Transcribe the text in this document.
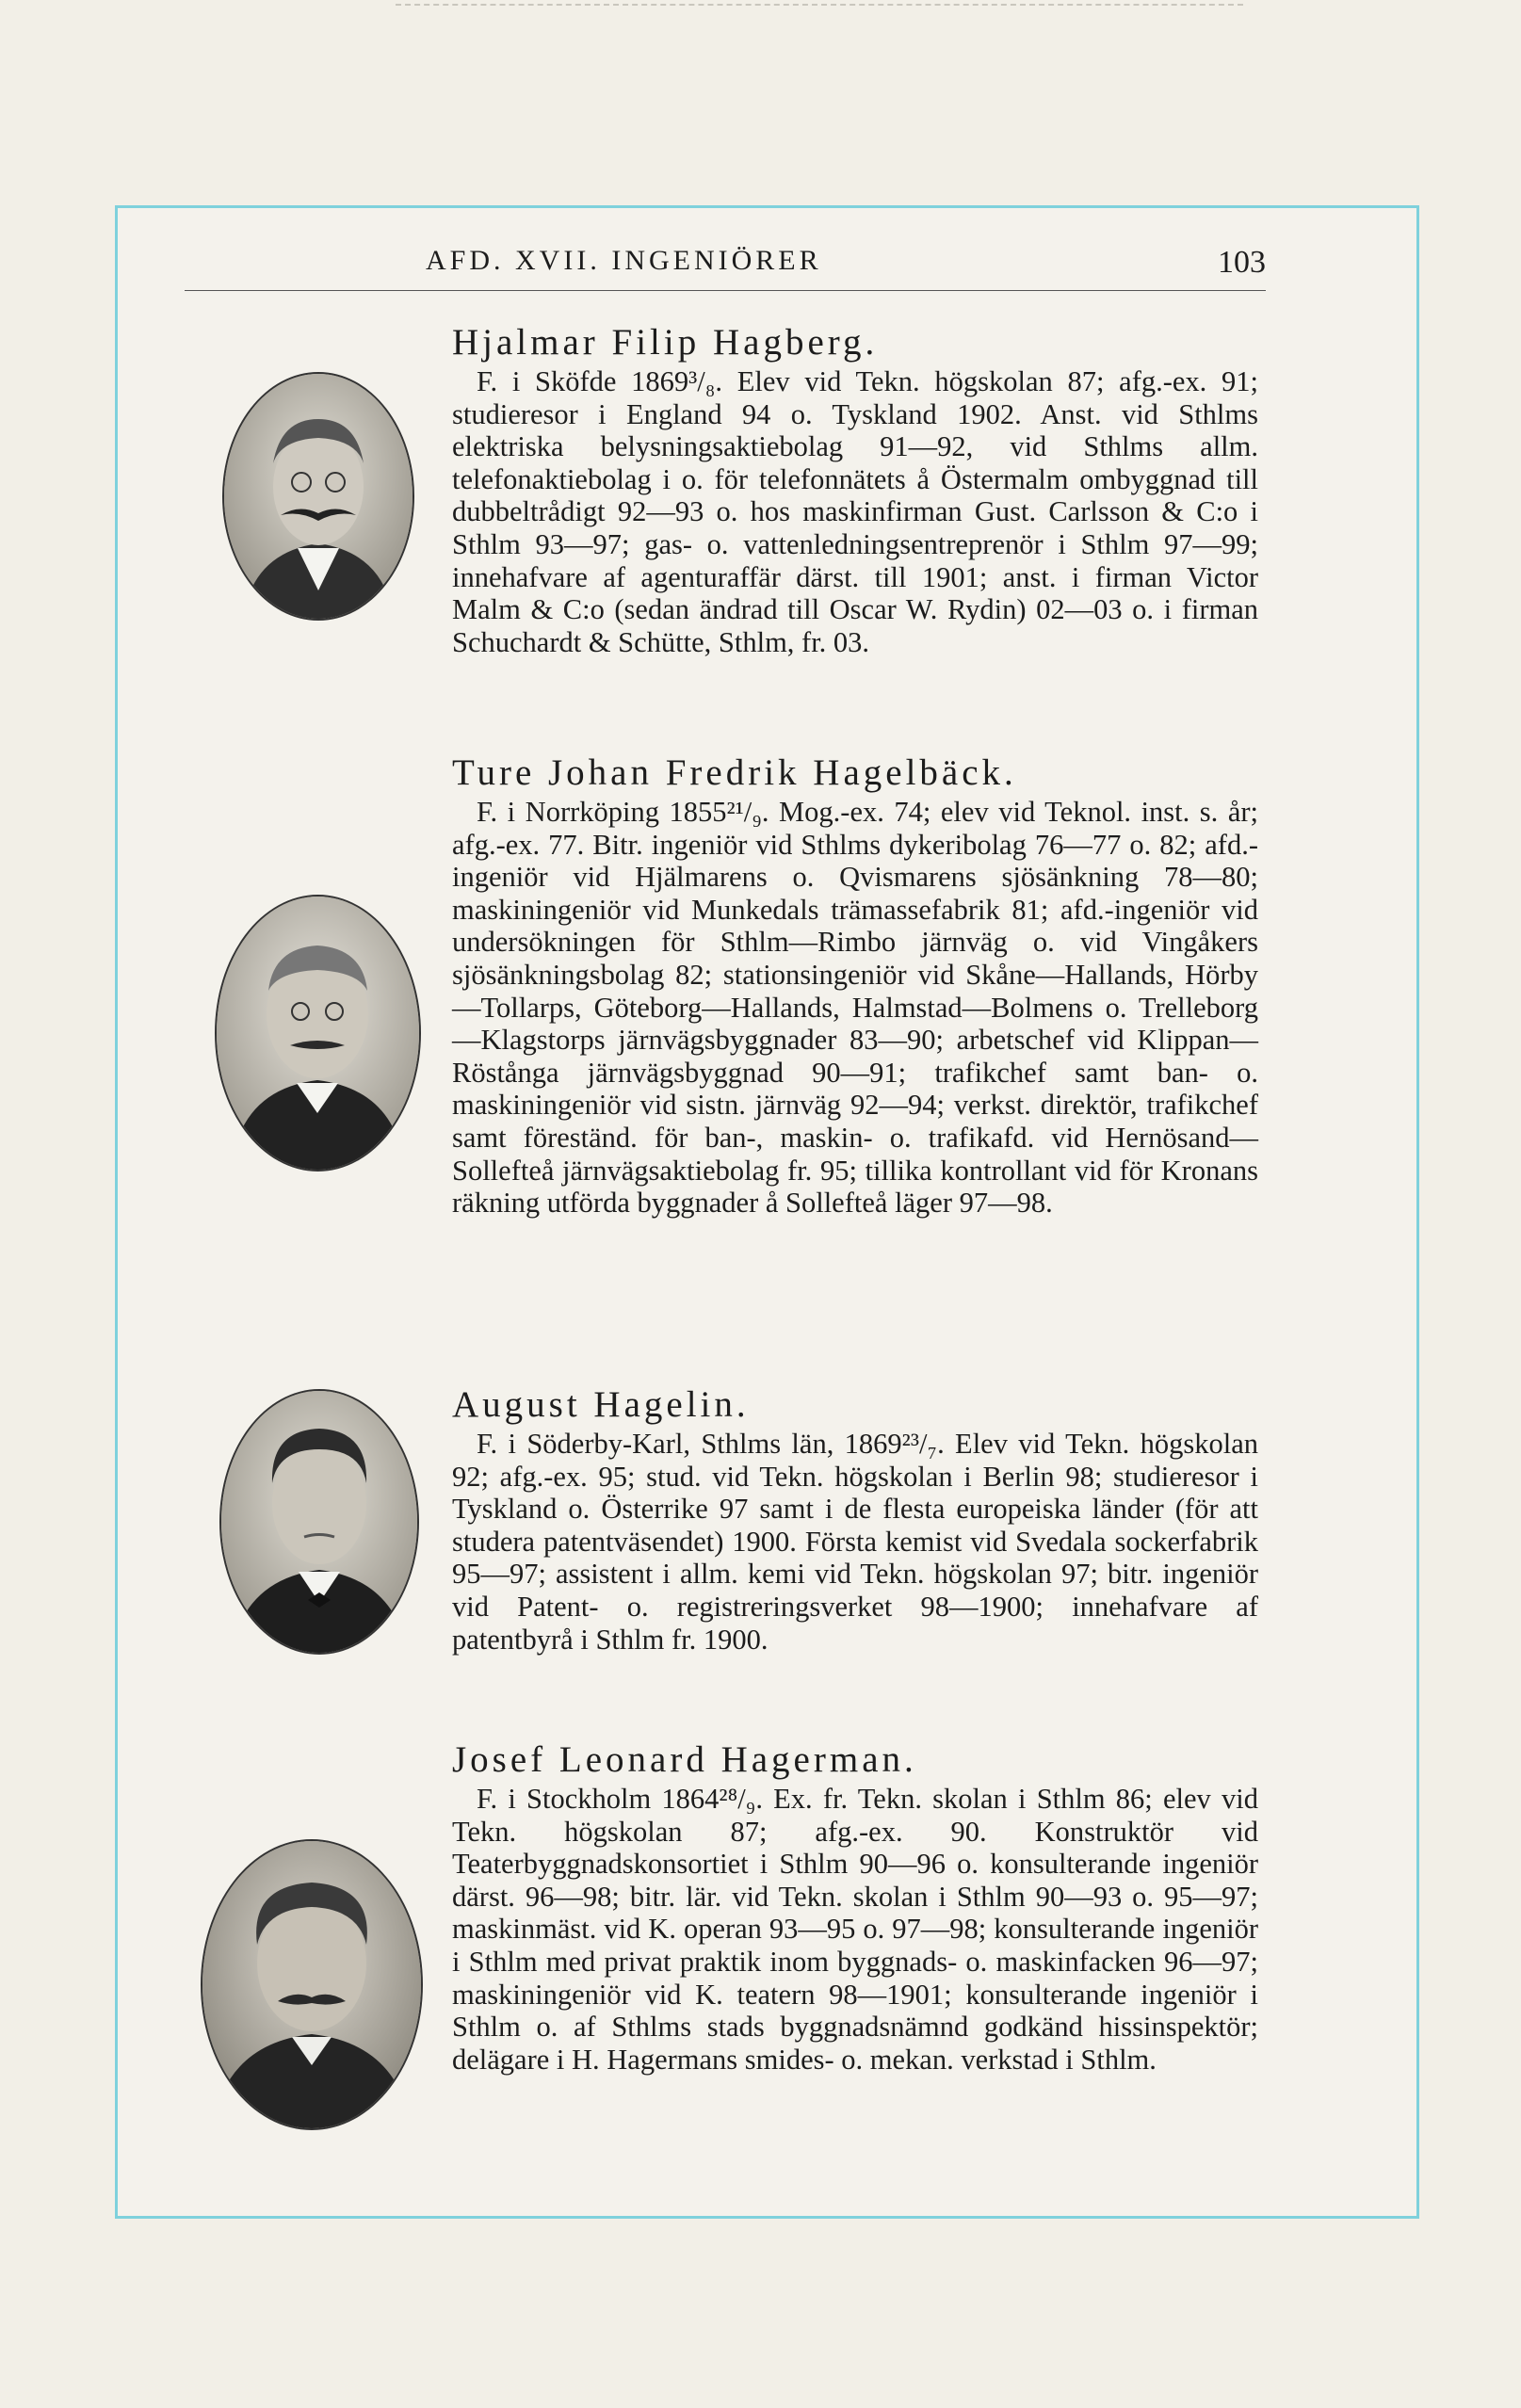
AFD. XVII. INGENIÖRER	103
Hjalmar Filip Hagberg.

F. i Sköfde 1869³/₈. Elev vid Tekn. högskolan 87; afg.-ex. 91; studieresor i England 94 o. Tyskland 1902. Anst. vid Sthlms elektriska belysningsaktiebolag 91—92, vid Sthlms allm. telefonaktiebolag i o. för telefonnätets å Östermalm ombyggnad till dubbeltrådigt 92—93 o. hos maskinfirman Gust. Carlsson & C:o i Sthlm 93—97; gas- o. vattenledningsentreprenör i Sthlm 97—99; innehafvare af agenturaffär därst. till 1901; anst. i firman Victor Malm & C:o (sedan ändrad till Oscar W. Rydin) 02—03 o. i firman Schuchardt & Schütte, Sthlm, fr. 03.

Ture Johan Fredrik Hagelbäck.

F. i Norrköping 1855²¹/₉. Mog.-ex. 74; elev vid Teknol. inst. s. år; afg.-ex. 77. Bitr. ingeniör vid Sthlms dykeribolag 76—77 o. 82; afd.-ingeniör vid Hjälmarens o. Qvismarens sjösänkning 78—80; maskiningeniör vid Munkedals trämassefabrik 81; afd.-ingeniör vid undersökningen för Sthlm—Rimbo järnväg o. vid Vingåkers sjösänkningsbolag 82; stationsingeniör vid Skåne—Hallands, Hörby—Tollarps, Göteborg—Hallands, Halmstad—Bolmens o. Trelleborg—Klagstorps järnvägsbyggnader 83—90; arbetschef vid Klippan—Röstånga järnvägsbyggnad 90—91; trafikchef samt ban- o. maskiningeniör vid sistn. järnväg 92—94; verkst. direktör, trafikchef samt föreständ. för ban-, maskin- o. trafikafd. vid Hernösand—Sollefteå järnvägsaktiebolag fr. 95; tillika kontrollant vid för Kronans räkning utförda byggnader å Sollefteå läger 97—98.

August Hagelin.

F. i Söderby-Karl, Sthlms län, 1869²³/₇. Elev vid Tekn. högskolan 92; afg.-ex. 95; stud. vid Tekn. högskolan i Berlin 98; studieresor i Tyskland o. Österrike 97 samt i de flesta europeiska länder (för att studera patentväsendet) 1900. Första kemist vid Svedala sockerfabrik 95—97; assistent i allm. kemi vid Tekn. högskolan 97; bitr. ingeniör vid Patent- o. registreringsverket 98—1900; innehafvare af patentbyrå i Sthlm fr. 1900.

Josef Leonard Hagerman.

F. i Stockholm 1864²⁸/₉. Ex. fr. Tekn. skolan i Sthlm 86; elev vid Tekn. högskolan 87; afg.-ex. 90. Konstruktör vid Teaterbyggnadskonsortiet i Sthlm 90—96 o. konsulterande ingeniör därst. 96—98; bitr. lär. vid Tekn. skolan i Sthlm 90—93 o. 95—97; maskinmäst. vid K. operan 93—95 o. 97—98; konsulterande ingeniör i Sthlm med privat praktik inom byggnads- o. maskinfacken 96—97; maskiningeniör vid K. teatern 98—1901; konsulterande ingeniör i Sthlm o. af Sthlms stads byggnadsnämnd godkänd hissinspektör; delägare i H. Hagermans smides- o. mekan. verkstad i Sthlm.
